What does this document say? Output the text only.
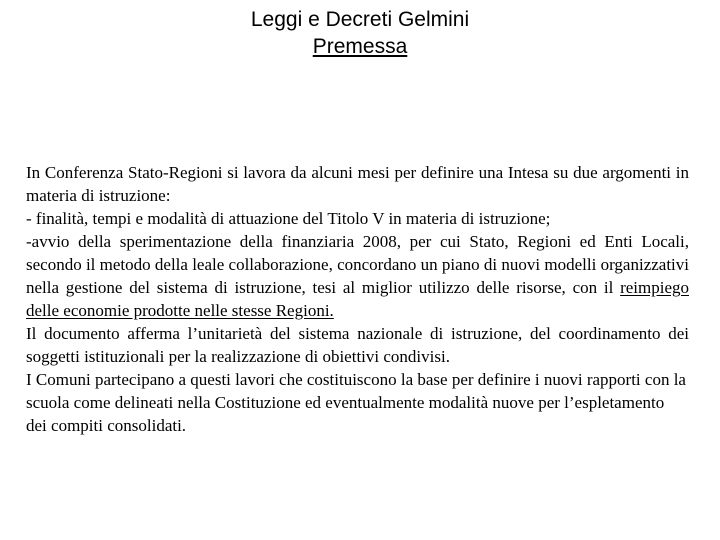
Leggi e Decreti Gelmini
Premessa

In Conferenza Stato-Regioni si lavora da alcuni mesi per definire una Intesa su due argomenti in materia di istruzione:

- finalità, tempi e modalità di attuazione del Titolo V in materia di istruzione;

-avvio della sperimentazione della finanziaria 2008, per cui Stato, Regioni ed Enti Locali, secondo il metodo della leale collaborazione, concordano un piano di nuovi modelli organizzativi nella gestione del sistema di istruzione, tesi al miglior utilizzo delle risorse, con il reimpiego delle economie prodotte nelle stesse Regioni.

Il documento afferma l’unitarietà del sistema nazionale di istruzione, del coordinamento dei soggetti istituzionali per la realizzazione di obiettivi condivisi.

I Comuni partecipano a questi lavori che costituiscono la base per definire i nuovi rapporti con la scuola come delineati nella Costituzione ed eventualmente modalità nuove per l’espletamento dei compiti consolidati.
